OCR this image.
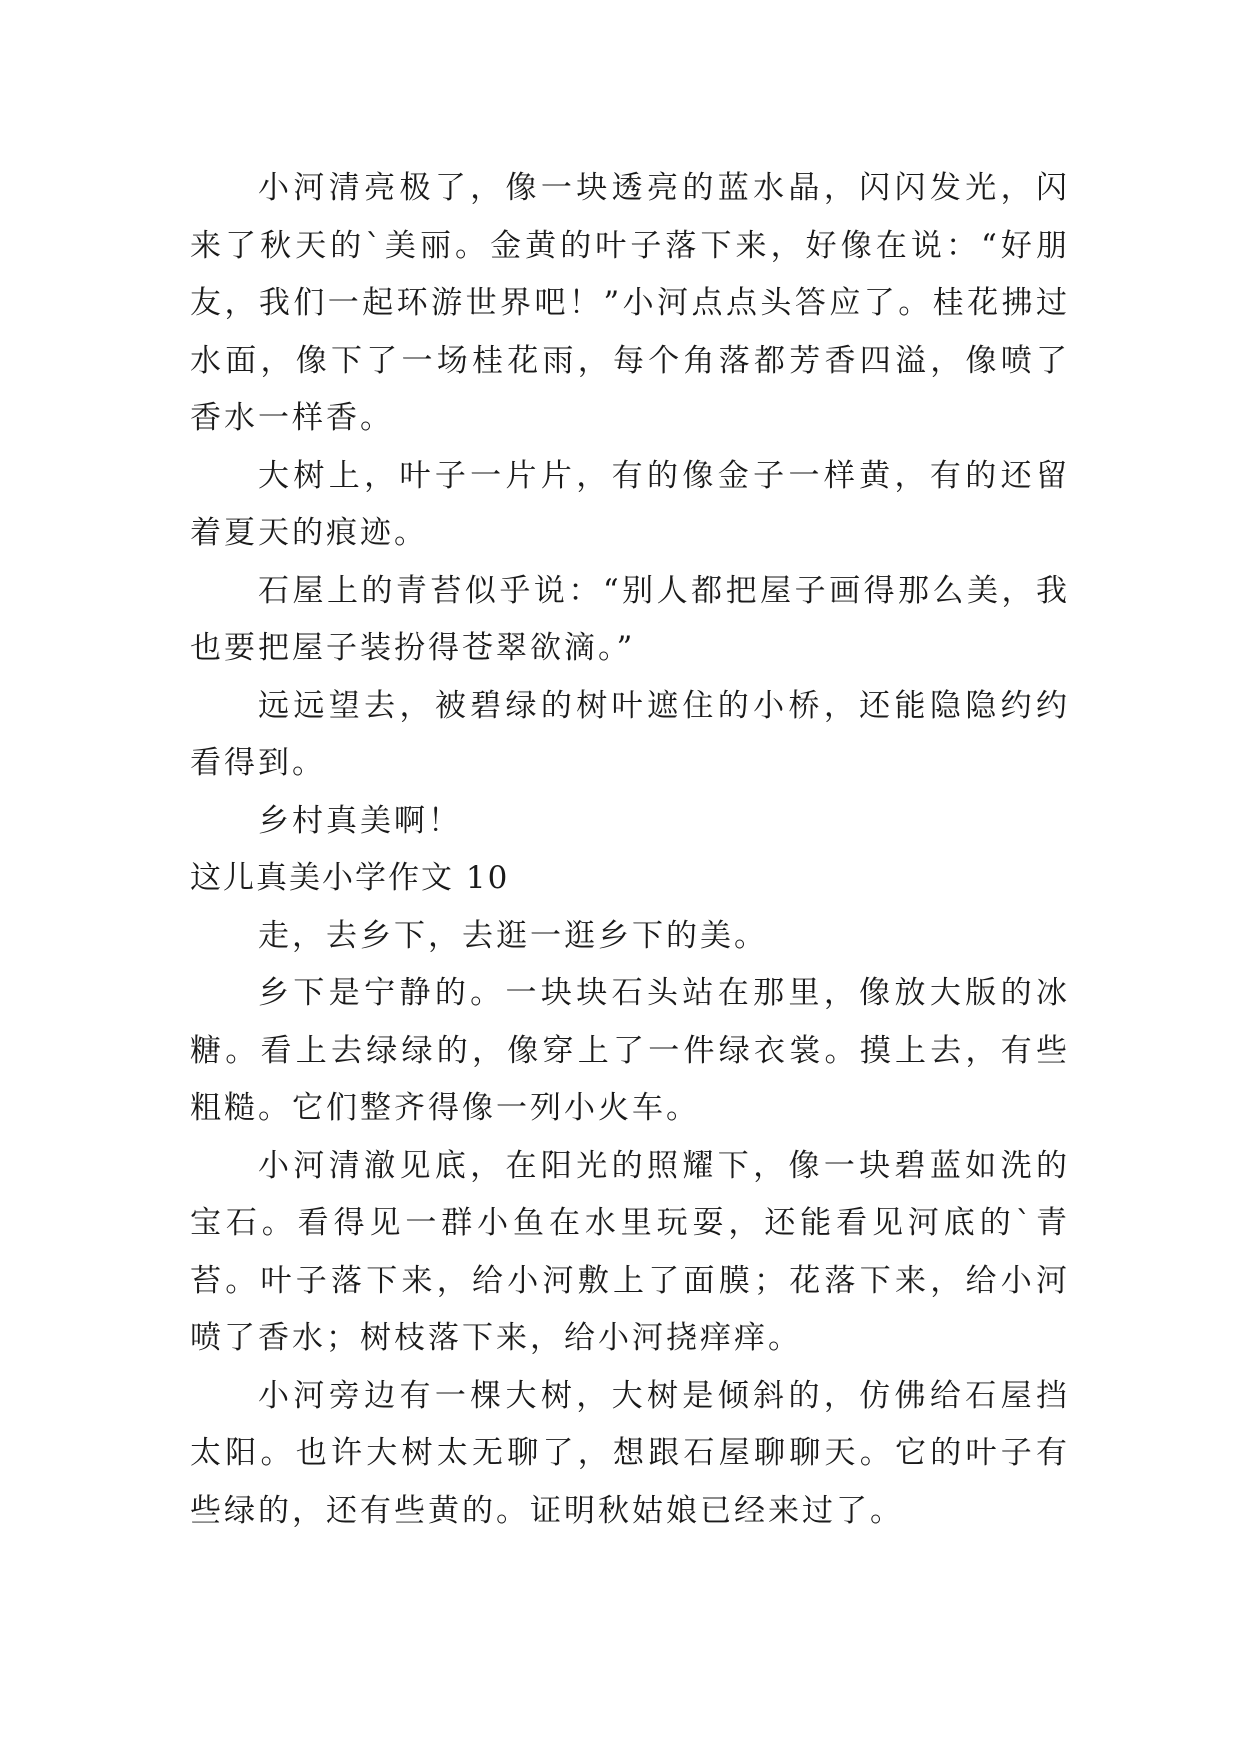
小河清亮极了，像一块透亮的蓝水晶，闪闪发光，闪来了秋天的`美丽。金黄的叶子落下来，好像在说：“好朋友，我们一起环游世界吧！”小河点点头答应了。桂花拂过水面，像下了一场桂花雨，每个角落都芳香四溢，像喷了香水一样香。

大树上，叶子一片片，有的像金子一样黄，有的还留着夏天的痕迹。

石屋上的青苔似乎说：“别人都把屋子画得那么美，我也要把屋子装扮得苍翠欲滴。”

远远望去，被碧绿的树叶遮住的小桥，还能隐隐约约看得到。

乡村真美啊！

这儿真美小学作文 10

走，去乡下，去逛一逛乡下的美。

乡下是宁静的。一块块石头站在那里，像放大版的冰糖。看上去绿绿的，像穿上了一件绿衣裳。摸上去，有些粗糙。它们整齐得像一列小火车。

小河清澈见底，在阳光的照耀下，像一块碧蓝如洗的宝石。看得见一群小鱼在水里玩耍，还能看见河底的`青苔。叶子落下来，给小河敷上了面膜；花落下来，给小河喷了香水；树枝落下来，给小河挠痒痒。

小河旁边有一棵大树，大树是倾斜的，仿佛给石屋挡太阳。也许大树太无聊了，想跟石屋聊聊天。它的叶子有些绿的，还有些黄的。证明秋姑娘已经来过了。
